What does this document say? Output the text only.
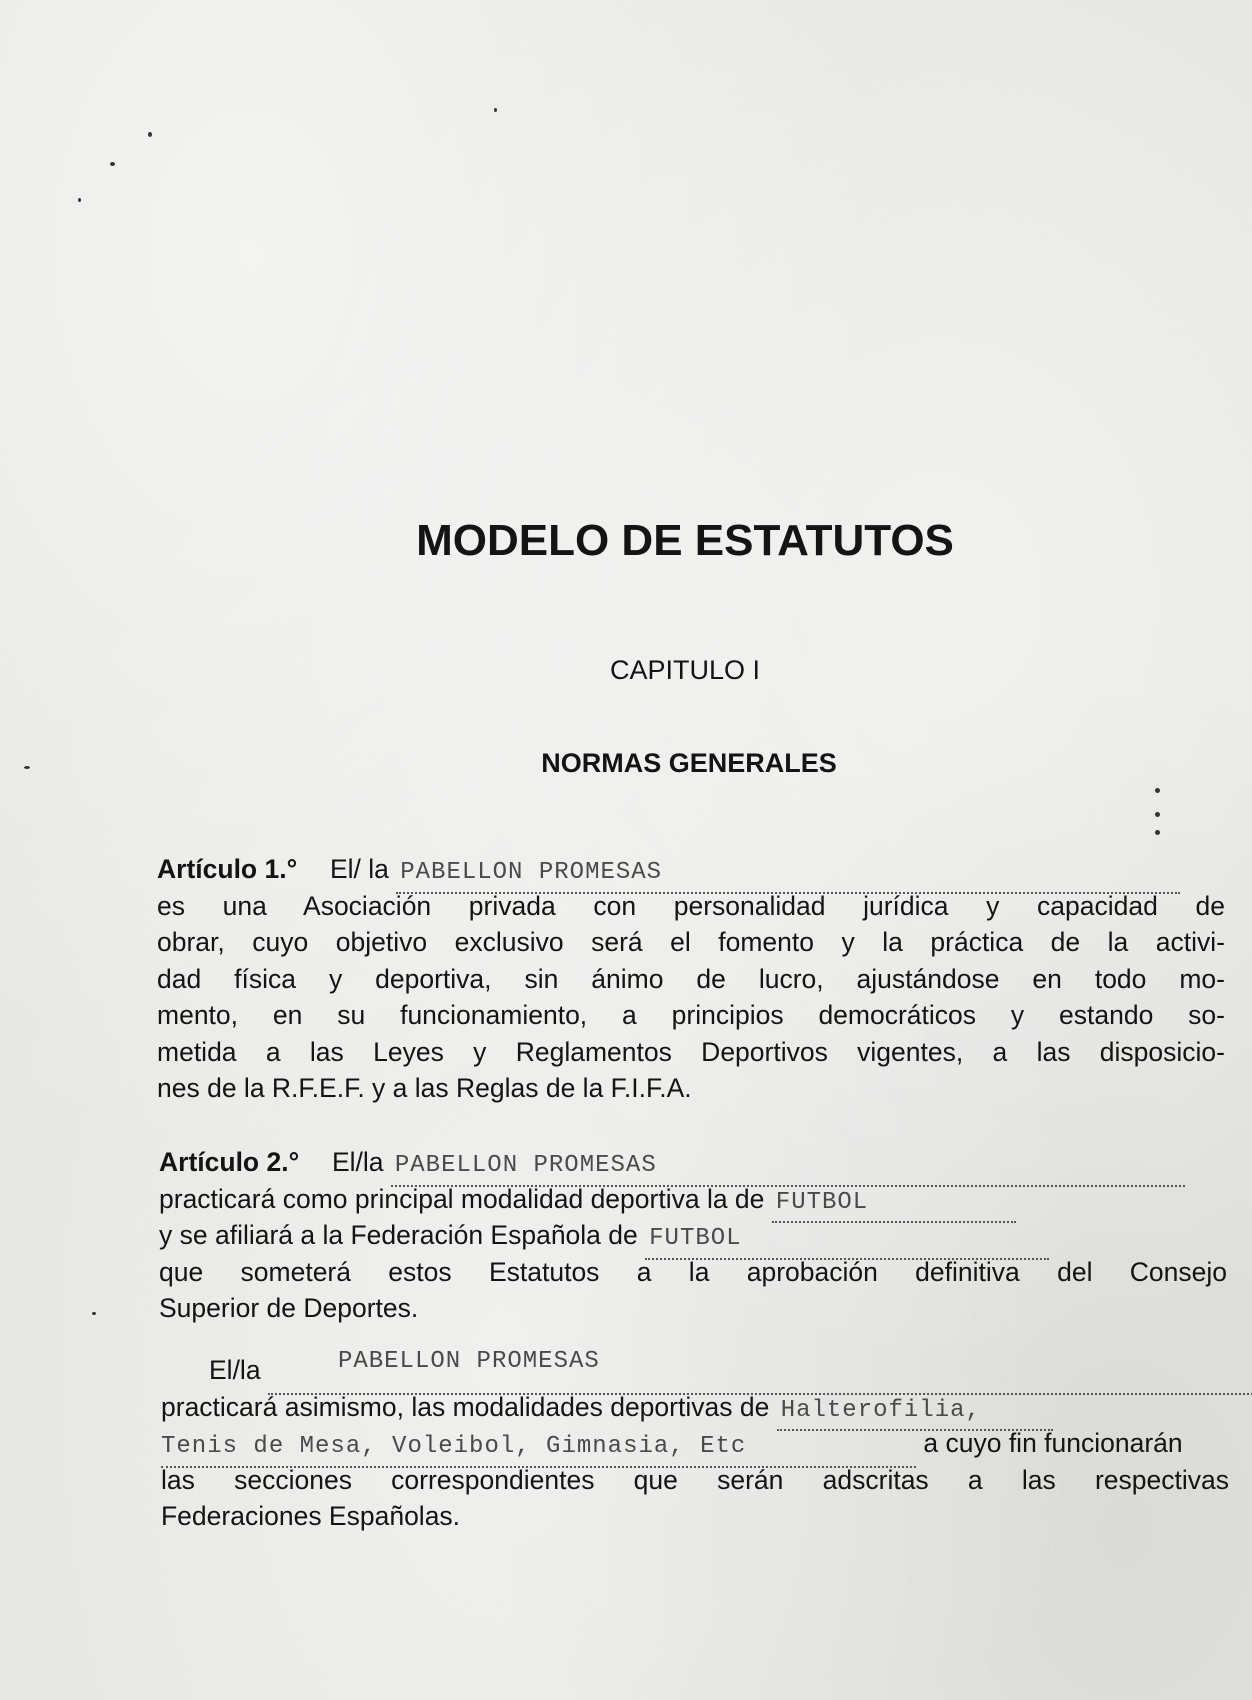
MODELO DE ESTATUTOS
CAPITULO I
NORMAS GENERALES
Artículo 1.° El/ la PABELLON PROMESAS
es una Asociación privada con personalidad jurídica y capacidad de
obrar, cuyo objetivo exclusivo será el fomento y la práctica de la activi-
dad física y deportiva, sin ánimo de lucro, ajustándose en todo mo-
mento, en su funcionamiento, a principios democráticos y estando so-
metida a las Leyes y Reglamentos Deportivos vigentes, a las disposicio-
nes de la R.F.E.F. y a las Reglas de la F.I.F.A.
Artículo 2.° El/la PABELLON PROMESAS
practicará como principal modalidad deportiva la de FUTBOL
y se afiliará a la Federación Española de FUTBOL
que someterá estos Estatutos a la aprobación definitiva del Consejo
Superior de Deportes.
El/la	PABELLON PROMESAS
practicará asimismo, las modalidades deportivas de Halterofilia,
Tenis de Mesa, Voleibol, Gimnasia, Etc	a cuyo fin funcionarán
las secciones correspondientes que serán adscritas a las respectivas
Federaciones Españolas.
